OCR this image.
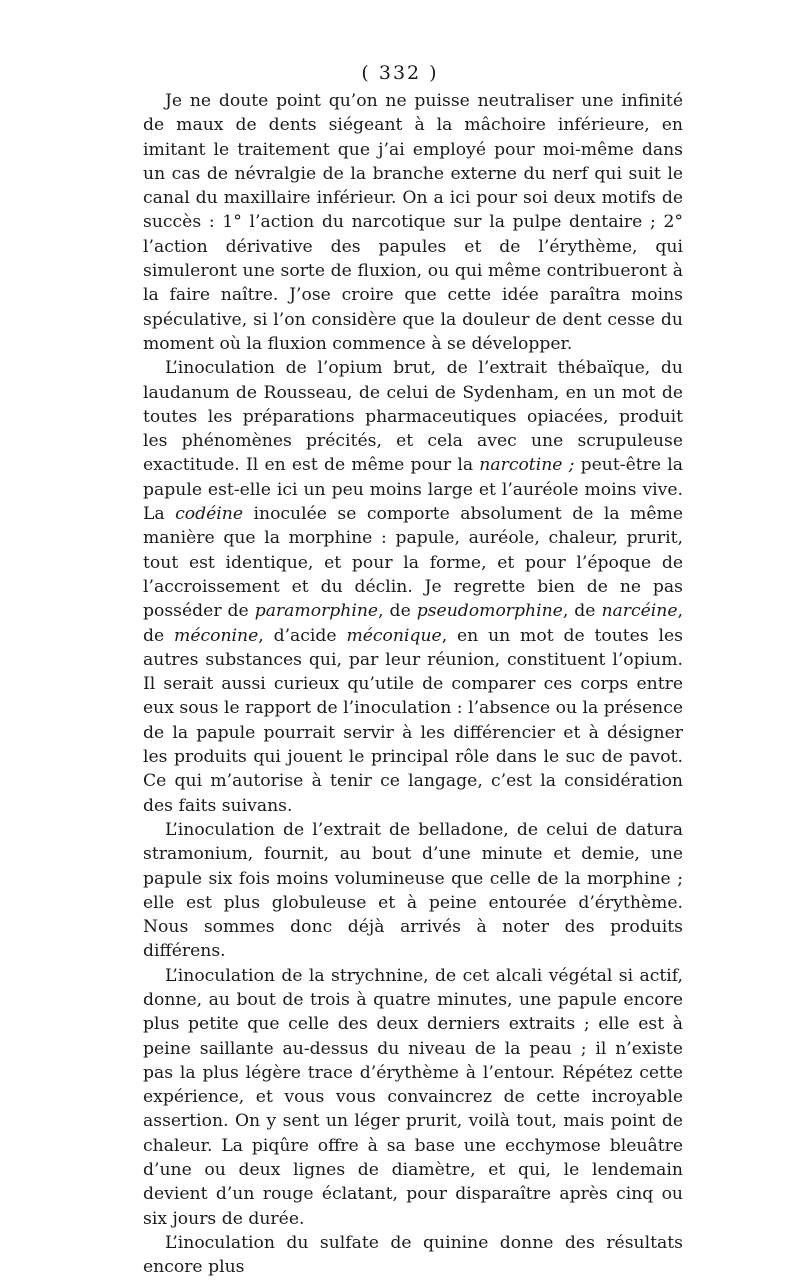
( 332 )

Je ne doute point qu’on ne puisse neutraliser une infinité de maux de dents siégeant à la mâchoire inférieure, en imitant le traitement que j’ai employé pour moi-même dans un cas de névralgie de la branche externe du nerf qui suit le canal du maxillaire inférieur. On a ici pour soi deux motifs de succès : 1° l’action du narcotique sur la pulpe dentaire ; 2° l’action dérivative des papules et de l’érythème, qui simuleront une sorte de fluxion, ou qui même contribueront à la faire naître. J’ose croire que cette idée paraîtra moins spéculative, si l’on considère que la douleur de dent cesse du moment où la fluxion commence à se développer.

L’inoculation de l’opium brut, de l’extrait thébaïque, du laudanum de Rousseau, de celui de Sydenham, en un mot de toutes les préparations pharmaceutiques opiacées, produit les phénomènes précités, et cela avec une scrupuleuse exactitude. Il en est de même pour la narcotine ; peut-être la papule est-elle ici un peu moins large et l’auréole moins vive. La codéine inoculée se comporte absolument de la même manière que la morphine : papule, auréole, chaleur, prurit, tout est identique, et pour la forme, et pour l’époque de l’accroissement et du déclin. Je regrette bien de ne pas posséder de paramorphine, de pseudomorphine, de narcéine, de méconine, d’acide méconique, en un mot de toutes les autres substances qui, par leur réunion, constituent l’opium. Il serait aussi curieux qu’utile de comparer ces corps entre eux sous le rapport de l’inoculation : l’absence ou la présence de la papule pourrait servir à les différencier et à désigner les produits qui jouent le principal rôle dans le suc de pavot. Ce qui m’autorise à tenir ce langage, c’est la considération des faits suivans.

L’inoculation de l’extrait de belladone, de celui de datura stramonium, fournit, au bout d’une minute et demie, une papule six fois moins volumineuse que celle de la morphine ; elle est plus globuleuse et à peine entourée d’érythème. Nous sommes donc déjà arrivés à noter des produits différens.

L’inoculation de la strychnine, de cet alcali végétal si actif, donne, au bout de trois à quatre minutes, une papule encore plus petite que celle des deux derniers extraits ; elle est à peine saillante au-dessus du niveau de la peau ; il n’existe pas la plus légère trace d’érythème à l’entour. Répétez cette expérience, et vous vous convaincrez de cette incroyable assertion. On y sent un léger prurit, voilà tout, mais point de chaleur. La piqûre offre à sa base une ecchymose bleuâtre d’une ou deux lignes de diamètre, et qui, le lendemain devient d’un rouge éclatant, pour disparaître après cinq ou six jours de durée.

L’inoculation du sulfate de quinine donne des résultats encore plus
